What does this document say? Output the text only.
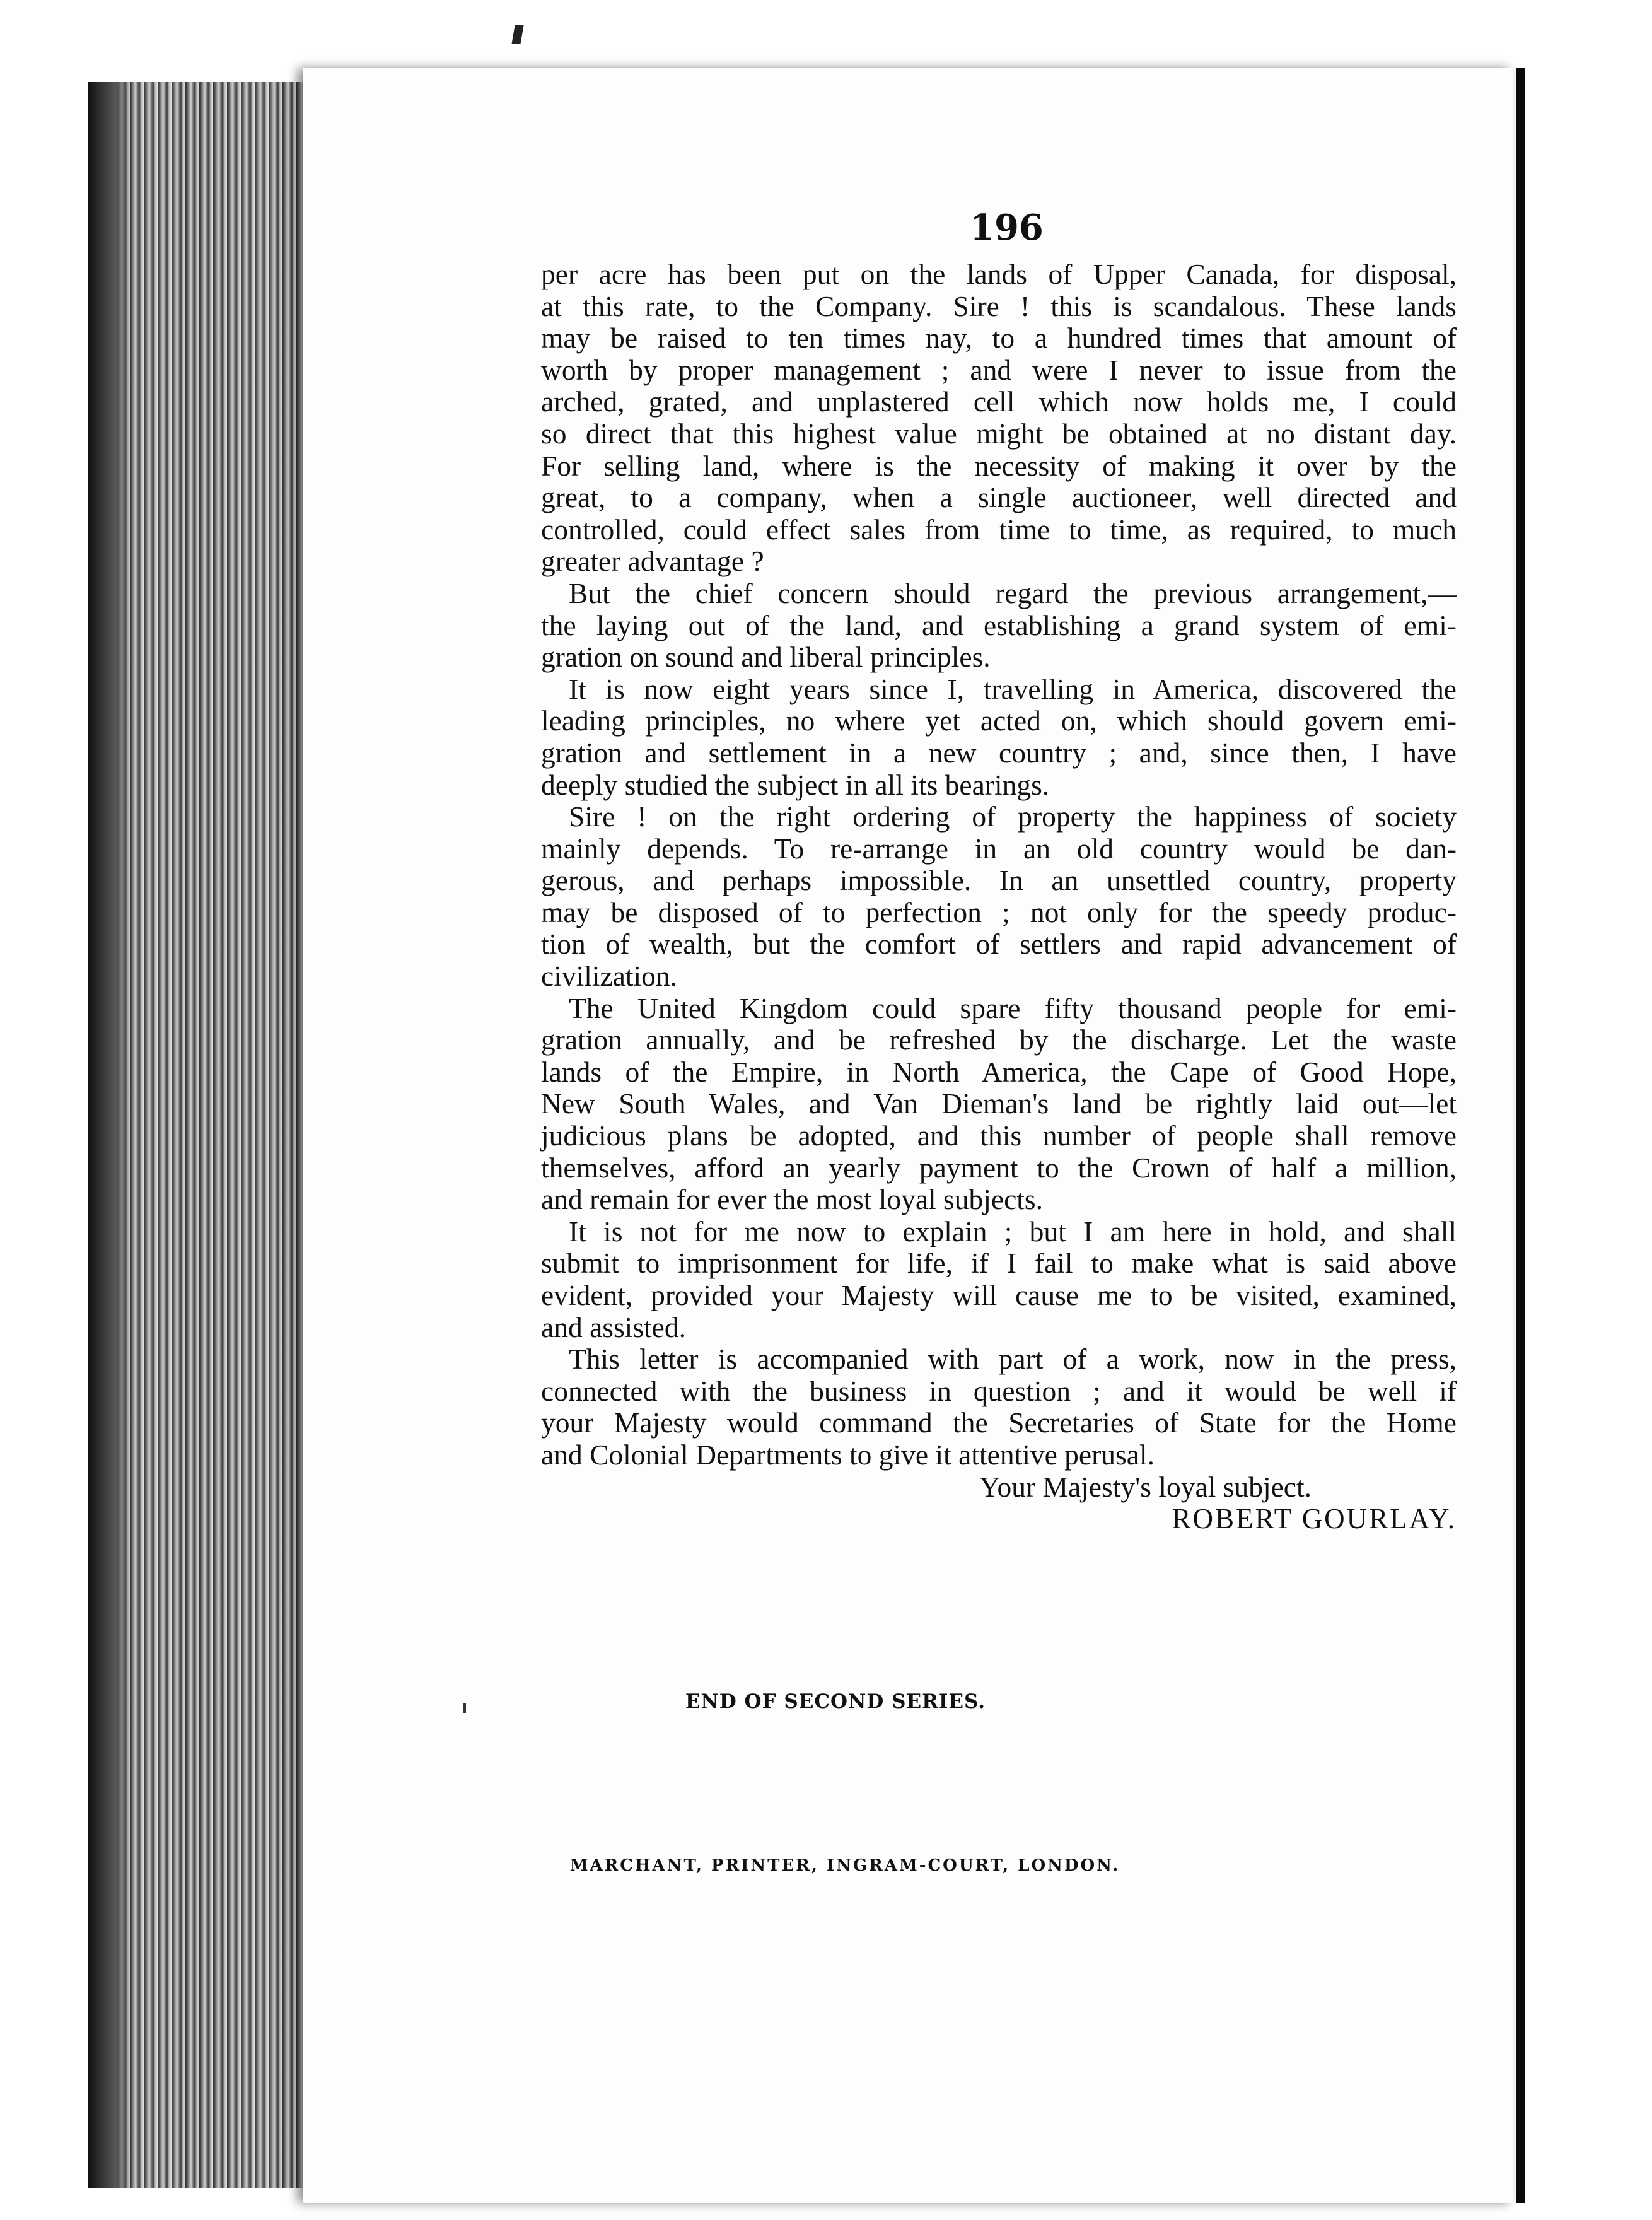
196
per acre has been put on the lands of Upper Canada, for disposal,
at this rate, to the Company. Sire ! this is scandalous. These lands
may be raised to ten times nay, to a hundred times that amount of
worth by proper management ; and were I never to issue from the
arched, grated, and unplastered cell which now holds me, I could
so direct that this highest value might be obtained at no distant day.
For selling land, where is the necessity of making it over by the
great, to a company, when a single auctioneer, well directed and
controlled, could effect sales from time to time, as required, to much
greater advantage ?
But the chief concern should regard the previous arrangement,—
the laying out of the land, and establishing a grand system of emi-
gration on sound and liberal principles.
It is now eight years since I, travelling in America, discovered the
leading principles, no where yet acted on, which should govern emi-
gration and settlement in a new country ; and, since then, I have
deeply studied the subject in all its bearings.
Sire ! on the right ordering of property the happiness of society
mainly depends. To re-arrange in an old country would be dan-
gerous, and perhaps impossible. In an unsettled country, property
may be disposed of to perfection ; not only for the speedy produc-
tion of wealth, but the comfort of settlers and rapid advancement of
civilization.
The United Kingdom could spare fifty thousand people for emi-
gration annually, and be refreshed by the discharge. Let the waste
lands of the Empire, in North America, the Cape of Good Hope,
New South Wales, and Van Dieman's land be rightly laid out—let
judicious plans be adopted, and this number of people shall remove
themselves, afford an yearly payment to the Crown of half a million,
and remain for ever the most loyal subjects.
It is not for me now to explain ; but I am here in hold, and shall
submit to imprisonment for life, if I fail to make what is said above
evident, provided your Majesty will cause me to be visited, examined,
and assisted.
This letter is accompanied with part of a work, now in the press,
connected with the business in question ; and it would be well if
your Majesty would command the Secretaries of State for the Home
and Colonial Departments to give it attentive perusal.
Your Majesty's loyal subject.
ROBERT GOURLAY.
END OF SECOND SERIES.
MARCHANT, PRINTER, INGRAM-COURT, LONDON.
